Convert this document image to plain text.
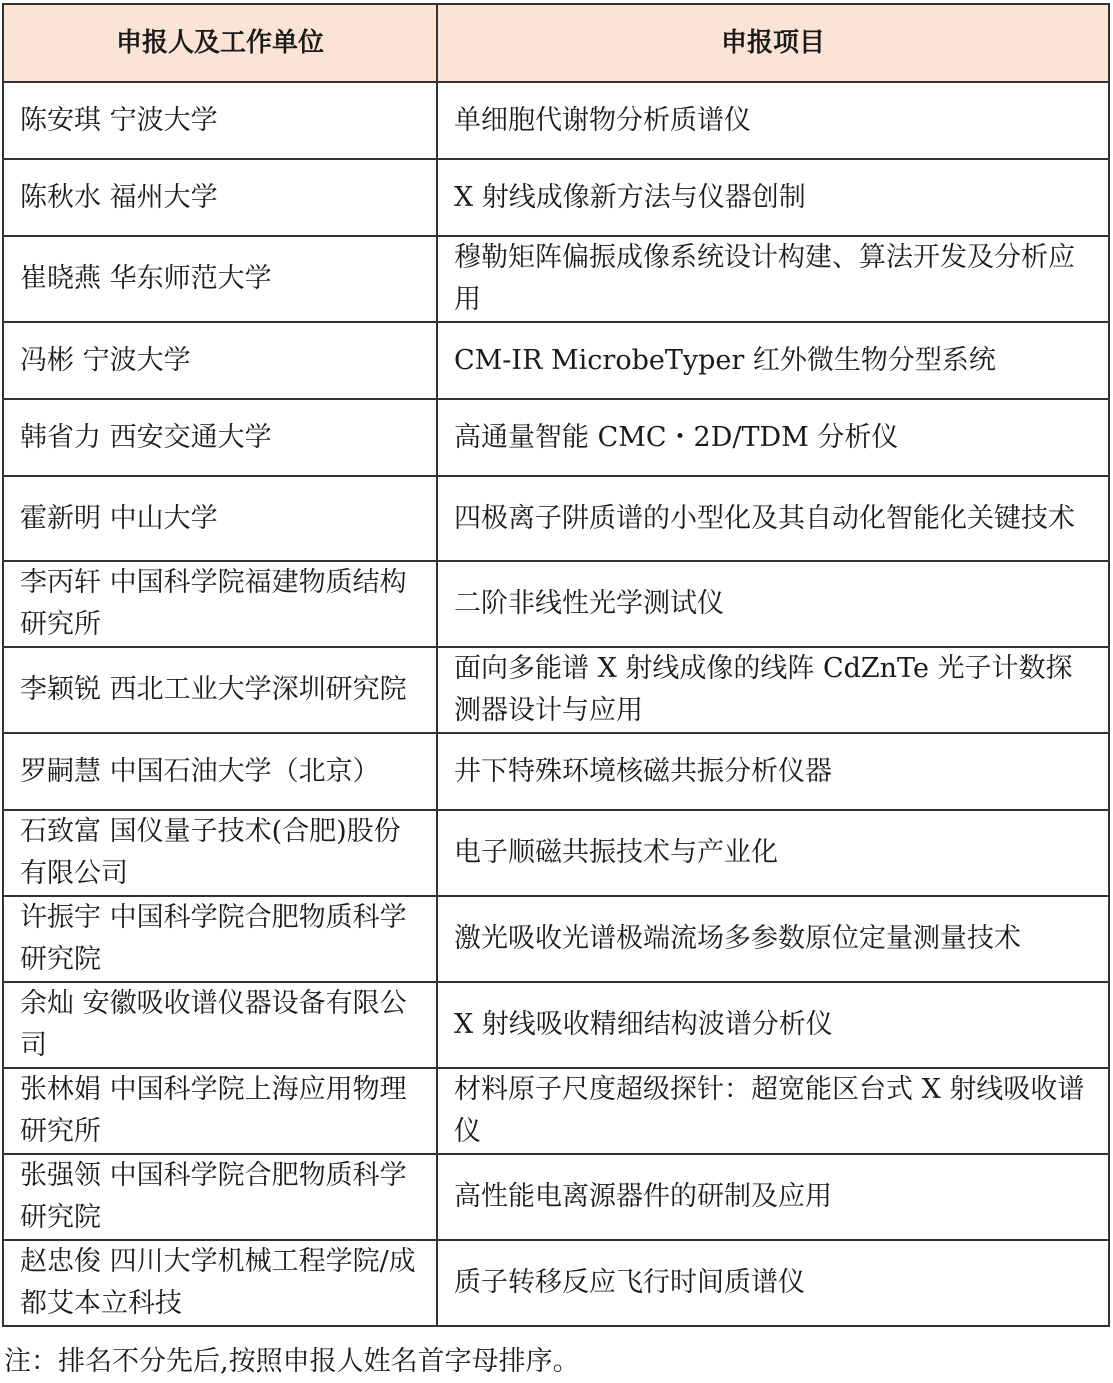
申报人及工作单位	申报项目
陈安琪 宁波大学	单细胞代谢物分析质谱仪
陈秋水 福州大学	X 射线成像新方法与仪器创制
崔晓燕 华东师范大学	穆勒矩阵偏振成像系统设计构建、算法开发及分析应用
冯彬 宁波大学	CM-IR MicrobeTyper 红外微生物分型系统
韩省力 西安交通大学	高通量智能 CMC・2D/TDM 分析仪
霍新明 中山大学	四极离子阱质谱的小型化及其自动化智能化关键技术
李丙轩 中国科学院福建物质结构研究所	二阶非线性光学测试仪
李颖锐 西北工业大学深圳研究院	面向多能谱 X 射线成像的线阵 CdZnTe 光子计数探测器设计与应用
罗嗣慧 中国石油大学（北京）	井下特殊环境核磁共振分析仪器
石致富 国仪量子技术(合肥)股份有限公司	电子顺磁共振技术与产业化
许振宇 中国科学院合肥物质科学研究院	激光吸收光谱极端流场多参数原位定量测量技术
余灿 安徽吸收谱仪器设备有限公司	X 射线吸收精细结构波谱分析仪
张林娟 中国科学院上海应用物理研究所	材料原子尺度超级探针：超宽能区台式 X 射线吸收谱仪
张强领 中国科学院合肥物质科学研究院	高性能电离源器件的研制及应用
赵忠俊 四川大学机械工程学院/成都艾本立科技	质子转移反应飞行时间质谱仪
注：排名不分先后,按照申报人姓名首字母排序。
